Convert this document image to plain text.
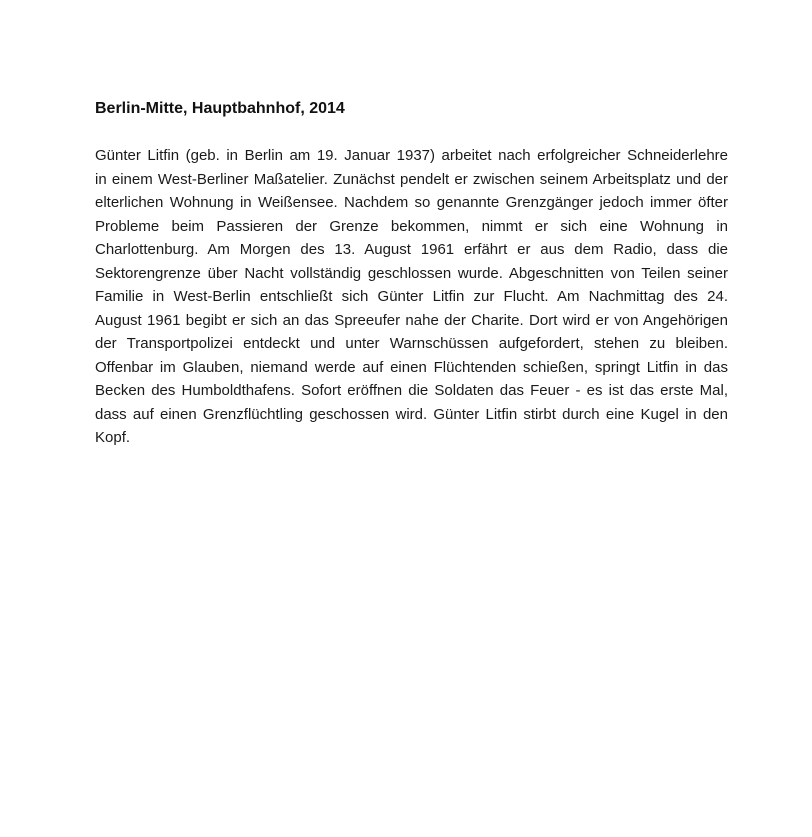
Berlin-Mitte, Hauptbahnhof, 2014

Günter Litfin (geb. in Berlin am 19. Januar 1937) arbeitet nach erfolgreicher Schneiderlehre in einem West-Berliner Maßatelier. Zunächst pendelt er zwischen seinem Arbeitsplatz und der elterlichen Wohnung in Weißensee. Nachdem so genannte Grenzgänger jedoch immer öfter Probleme beim Passieren der Grenze bekommen, nimmt er sich eine Wohnung in Charlottenburg. Am Morgen des 13. August 1961 erfährt er aus dem Radio, dass die Sektorengrenze über Nacht vollständig geschlossen wurde. Abgeschnitten von Teilen seiner Familie in West-Berlin entschließt sich Günter Litfin zur Flucht. Am Nachmittag des 24. August 1961 begibt er sich an das Spreeufer nahe der Charite. Dort wird er von Angehörigen der Transportpolizei entdeckt und unter Warnschüssen aufgefordert, stehen zu bleiben. Offenbar im Glauben, niemand werde auf einen Flüchtenden schießen, springt Litfin in das Becken des Humboldthafens. Sofort eröffnen die Soldaten das Feuer - es ist das erste Mal, dass auf einen Grenzflüchtling geschossen wird. Günter Litfin stirbt durch eine Kugel in den Kopf.
